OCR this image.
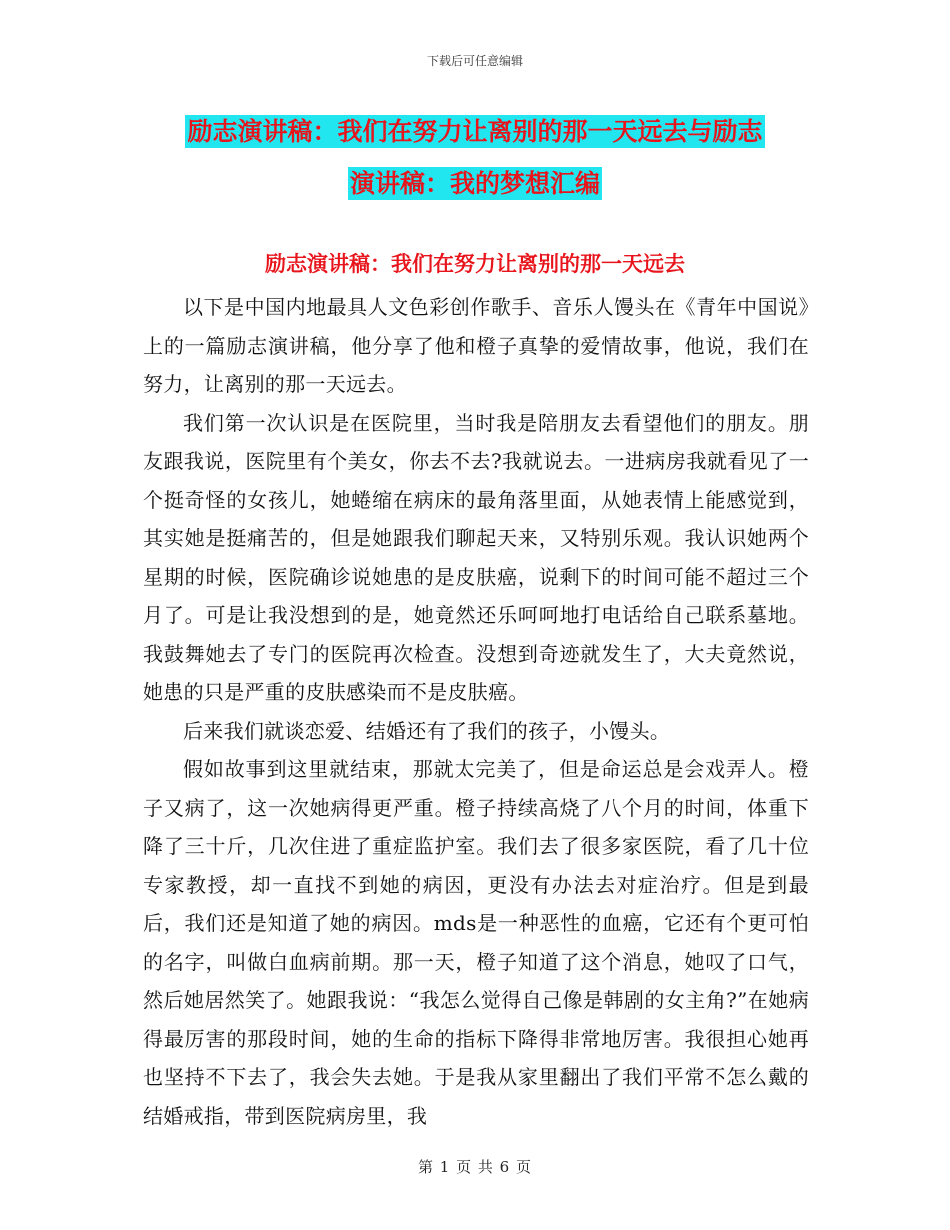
下载后可任意编辑
励志演讲稿：我们在努力让离别的那一天远去与励志
演讲稿：我的梦想汇编
励志演讲稿：我们在努力让离别的那一天远去

以下是中国内地最具人文色彩创作歌手、音乐人馒头在《青年中国说》上的一篇励志演讲稿，他分享了他和橙子真挚的爱情故事，他说，我们在努力，让离别的那一天远去。

我们第一次认识是在医院里，当时我是陪朋友去看望他们的朋友。朋友跟我说，医院里有个美女，你去不去?我就说去。一进病房我就看见了一个挺奇怪的女孩儿，她蜷缩在病床的最角落里面，从她表情上能感觉到，其实她是挺痛苦的，但是她跟我们聊起天来，又特别乐观。我认识她两个星期的时候，医院确诊说她患的是皮肤癌，说剩下的时间可能不超过三个月了。可是让我没想到的是，她竟然还乐呵呵地打电话给自己联系墓地。我鼓舞她去了专门的医院再次检查。没想到奇迹就发生了，大夫竟然说，她患的只是严重的皮肤感染而不是皮肤癌。

后来我们就谈恋爱、结婚还有了我们的孩子，小馒头。

假如故事到这里就结束，那就太完美了，但是命运总是会戏弄人。橙子又病了，这一次她病得更严重。橙子持续高烧了八个月的时间，体重下降了三十斤，几次住进了重症监护室。我们去了很多家医院，看了几十位专家教授，却一直找不到她的病因，更没有办法去对症治疗。但是到最后，我们还是知道了她的病因。mds是一种恶性的血癌，它还有个更可怕的名字，叫做白血病前期。那一天，橙子知道了这个消息，她叹了口气，然后她居然笑了。她跟我说：“我怎么觉得自己像是韩剧的女主角?”在她病得最厉害的那段时间，她的生命的指标下降得非常地厉害。我很担心她再也坚持不下去了，我会失去她。于是我从家里翻出了我们平常不怎么戴的结婚戒指，带到医院病房里，我

第 1 页 共 6 页
